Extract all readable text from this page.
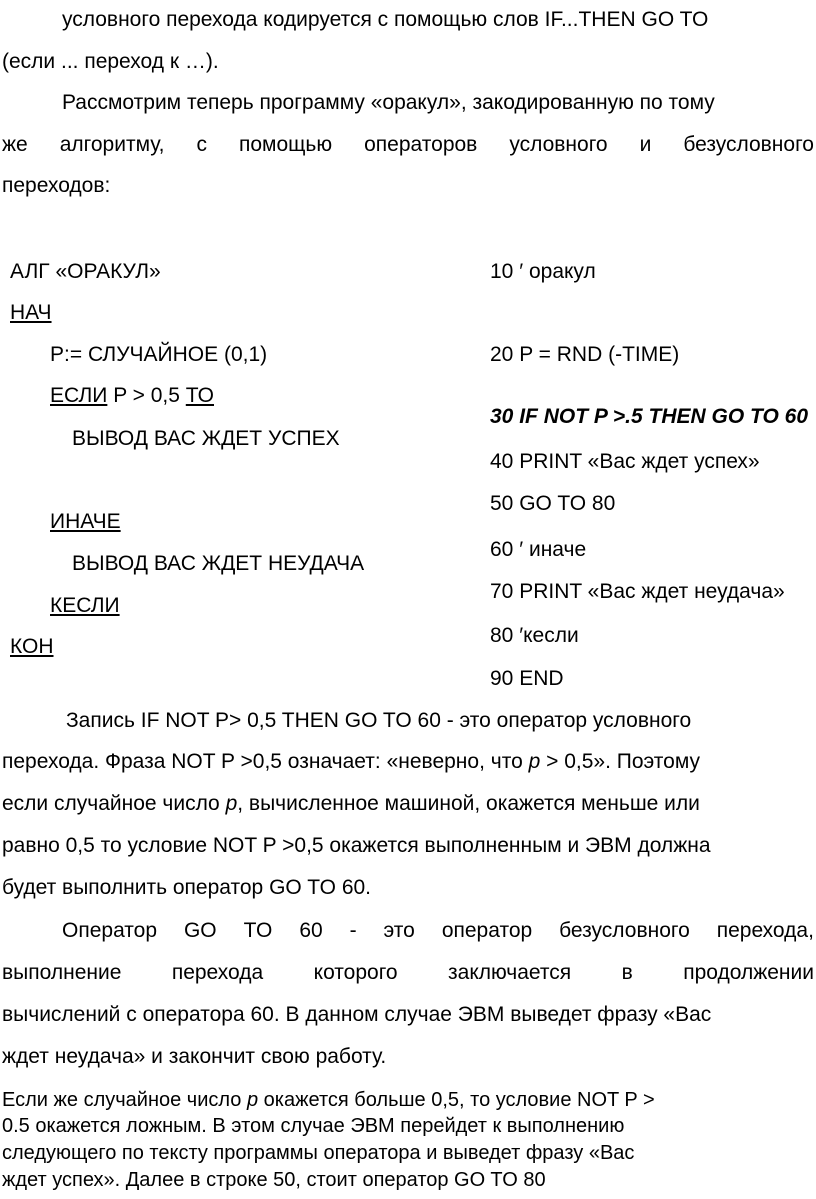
условного перехода кодируется с помощью слов IF...THEN GO TO
(если ... переход к …).
Рассмотрим теперь программу «оракул», закодированную по тому
же алгоритму, с помощью операторов условного и безусловного
переходов:
АЛГ «ОРАКУЛ»
НАЧ
P:= СЛУЧАЙНОЕ (0,1)
ЕСЛИ P > 0,5 ТО
ВЫВОД ВАС ЖДЕТ УСПЕХ
ИНАЧЕ
ВЫВОД ВАС ЖДЕТ НЕУДАЧА
КЕСЛИ
КОН
10 ′ оракул
20 P = RND (-TIME)
30 IF NOT P >.5 THEN GO TO 60
40 PRINT «Вас ждет успех»
50 GO TO 80
60 ′ иначе
70 PRINT «Вас ждет неудача»
80 ′кесли
90 END
Запись IF NOT P> 0,5 THEN GO TO 60 - это оператор условного
перехода. Фраза NOT P >0,5 означает: «неверно, что р > 0,5». Поэтому
если случайное число р, вычисленное машиной, окажется меньше или
равно 0,5 то условие NOT P >0,5 окажется выполненным и ЭВМ должна
будет выполнить оператор GO TO 60.
Оператор GO TO 60 - это оператор безусловного перехода,
выполнение перехода которого заключается в продолжении
вычислений с оператора 60. В данном случае ЭВМ выведет фразу «Вас
ждет неудача» и закончит свою работу.
Если же случайное число р окажется больше 0,5, то условие NOT P >
0.5 окажется ложным. В этом случае ЭВМ перейдет к выполнению
следующего по тексту программы оператора и выведет фразу «Вас
ждет успех». Далее в строке 50, стоит оператор GO TO 80
